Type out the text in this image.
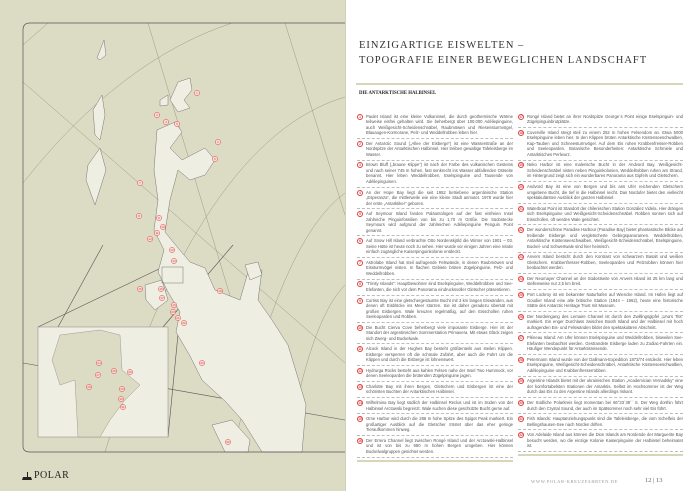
1
2
3
4	5
6
7
8	9
10
11
12
13
14
15	16
17
18
19
20
21
22
23
24
25	26
27
28	29
30
31
32
POLAR
EINZIGARTIGE EISWELTEN –
TOPOGRAFIE EINER BEWEGLICHEN LANDSCHAFT
DIE ANTARKTISCHE HALBINSEL
1	Paulet Island ist eine kleine Vulkaninsel, die durch geothermische Wärme teilweise eisfrei gehalten wird. Sie beherbergt über 100.000 Adéliepinguine, auch Weißgesicht-Scheidenschnäbel, Raubmöwen und Riesensturmvögel, Blauaugen-Kormorane, Pelz- und Weddellrobben leben hier.
2	Der Antarctic Sound („Allee der Eisberge“) ist eine Wasserstraße an der Nordspitze der Antarktischen Halbinsel. Hier treiben gewaltige Tafeleisberge im Wasser.
3	Brown Bluff („braune Klippe“) ist nach der Farbe des vulkanischen Gesteins und nach seiner 745 m hohen, fast senkrecht ins Wasser abfallenden Ostseite benannt. Hier leben Weddellrobben, Eselspinguine und Tausende von Adéliepinguinen.
4	An der Hope Bay liegt die seit 1952 betriebene argentinische Station „Esperanza“, die mittlerweile wie eine kleine Stadt anmutet. 1978 wurde hier der erste „Antarktiker“ geboren.
5	Auf Seymour Island fanden Paläontologen auf der fast eisfreien Insel zahlreiche Pinguinfossilien von bis zu 1,70 m Größe. Die Südostecke Seymours wird aufgrund der zahlreichen Adéliepinguine Penguin Point genannt.
6	Auf Snow Hill Island verbrachte Otto Nordenskjöld die Winter von 1901 – 03. Seine Hütte ist heute noch zu sehen. Hier wurde vor einigen Jahren eine relativ einfach zugängliche Kaiserpinguinkolonie entdeckt.
7	Astrolabe Island hat steil aufragende Felswände, in denen Raubmöwen und Eissturmvögel nisten. In flachen Gebiete brüten Zügelpinguine, Pelz- und Weddellrobben.
8	“Trinity Islands”: Hauptbewohner sind Eselspinguine, Weddellrobben und See-Elefanten, die sich vor dem Panorama eindrucksvoller Gletscher präsentieren.
9	Curtiss Bay ist eine gletschergesäumte Bucht mit 3 km langen Eiswänden, aus denen oft Eisblöcke ins Meer stürzen. Sie ist daher geradezu übersät mit großen Eisbergen. Wale kreuzen regelmäßig, auf den Eisschollen ruhen Seeleoparden und Robben.
10 Die Bucht Cierva Cove beherbergt viele imposante Eisberge. Hier ist der Standort der argentinischen Sommerstation Primavera. Mit etwas Glück zeigen sich Zwerg- und Buckelwale.
11	Alcock Island in der Hughes Bay besteht größtenteils aus steilen Klippen. Eisberge versperren oft die schmale Zufahrt, aber auch die Fahrt um die Klippen und durch die Eisberge ist lohnenswert.
12 Hydrurga Rocks besteht aus kahlen Felsen nahe der Insel Two Hummock, vor denen Seeleoparden die brütenden Zügelpinguine jagen.
13 Charlotte Bay mit ihren Bergen, Gletschern und Eisbergen ist eine der schönsten Buchten der Antarktischen Halbinsel.
14 Wilhelmina Bay liegt südlich der Halbinsel Reclus und ist im Süden von der Halbinsel Arctowski begrenzt. Wale suchen diese geschützte Bucht gerne auf.
15 Orne Harbor wird durch die 286 m hohe Spitze des Spigot Peak markiert. Ein großartiger Ausblick auf die Gletscher tröstet über das eher geringe Tieraufkommen hinweg.
16 Der Errera Channel liegt zwischen Rongé Island und der Arctowski-Halbinsel und ist von bis zu 980 m hohen Bergen umgeben. Hier können Buckelwalgruppen gesichtet werden.
17 Rongé Island bietet an ihrer Nordspitze George´s Point einige Eselspinguin- und Zügelpinguinbrutplätze.
18 Cuverville Island steigt steil zu einem 252 m hohen Felsendom an. Etwa 5000 Eselspinguine leben hier. In den Klippen brüten Antarktische Küstenseeschwalben, Kap-Tauben und Schneesturmvögel. Auf dem Eis ruhen Krabbenfresser-Robben und Seeleoparden. Botanische Besonderheiten: Antarktische Schmiele und Antarktisches Perlwurz.
19 Neko Harbor ist eine malerische Bucht in der Andvord Bay. Weißgesicht-Scheidenschnäbel nisten neben Pinguinkolonien, Weddellrobben ruhen am Strand, im Hintergrund zeigt sich ein wunderbares Panorama aus Gipfeln und Gletschern.
20 Andvord Bay ist eine von Bergen und bis ans Ufer reichenden Gletschern umgebene Bucht, die tief in die Halbinsel reicht. Das Nordufer bietet den vielleicht spektakulärsten Ausblick der ganzen Halbinsel.
21 Waterboat Point ist Standort der chilenischen Station González Videla. Hier drängen sich Eselspinguine und Weißgesicht-Scheidenschnäbel. Robben sonnen sich auf Eisschollen, oft werden Wale gesichtet.
22 Der wunderschöne Paradise Harbour (Paradise Bay) bietet phantastische Blicke auf treibende Eisberge und vergletscherte Gebirgspanoramen. Weddellrobben, Antarktische Küstenseeschwalben, Weißgesicht-Scheidenschnäbel, Eselspinguine, Buckel- und Schwertwale sind hier heimisch.
23 Anvers Island besticht durch den Kontrast von schwarzem Basalt und weißen Gletschern. Krabbenfresser-Robben, Seeleoparden und Pelzrobben können hier beobachtet werden.
24 Der Neumayer Channel an der Südostseite von Anvers Island ist 25 km lang und stellenweise nur 2,5 km breit.
25 Port Lockroy ist ein bekannter Naturhafen auf Wiencke Island. Im Hafen liegt auf Goudier Island eine alte britische Station (1944 – 1962), heute eine historische Stätte des Antarctic Heritage Trust mit Museum.
26 Der Nordeingang des Lemaire Channel ist durch den Zwillingsgipfel „Una's Tits“ markiert. Ein enger Durchlass zwischen Booth Island und der Halbinsel mit hoch aufragenden Eis- und Felswänden bildet den spektakulären Abschnitt.
27 Pléneau Island: Am Ufer können Eselspinguine und Weddellrobben, bisweilen See-Elefanten beobachtet werden. Gestrandete Eisberge laden zu Zodiac-Fahrten ein. Häufiger Wendepunkt für Antarktisreisende.
28 Petermann Island wurde von der Dallmann-Expedition 1873/74 entdeckt. Hier leben Eselspinguine, Weißgesicht-Scheidenschnäbel, Antarktische Küstenseeschwalben, Adéliepinguine und Krabbenfresserrobben.
29 Argentine Islands bietet mit der ukrainischen Station „Academician Vernadsky“ eine der komfortabelsten Stationen der Antarktis. Selbst im Hochsommer ist der Weg durch das Eis zu den Argentine Islands allerdings riskant.
30 Der Südliche Polarkreis liegt momentan bei 66°33´39´´ S. Der Weg dorthin führt durch den Crystal Sound, der auch im Spätsommer noch sehr viel Eis führt.
31 Fish Islands: Hauptanziehungspunkt sind die Tafeleisberge, die vom Schelfeis der Bellingshausen-See nach Norden driften.
32 Von Adelaide Island aus können die Dion Islands am Nordende der Marguerite Bay besucht werden, wo die einzige Kolonie Kaiserpinguine der Halbinsel beheimatet ist.
WWW.POLAR-KREUZFAHRTEN.DE	12 | 13
